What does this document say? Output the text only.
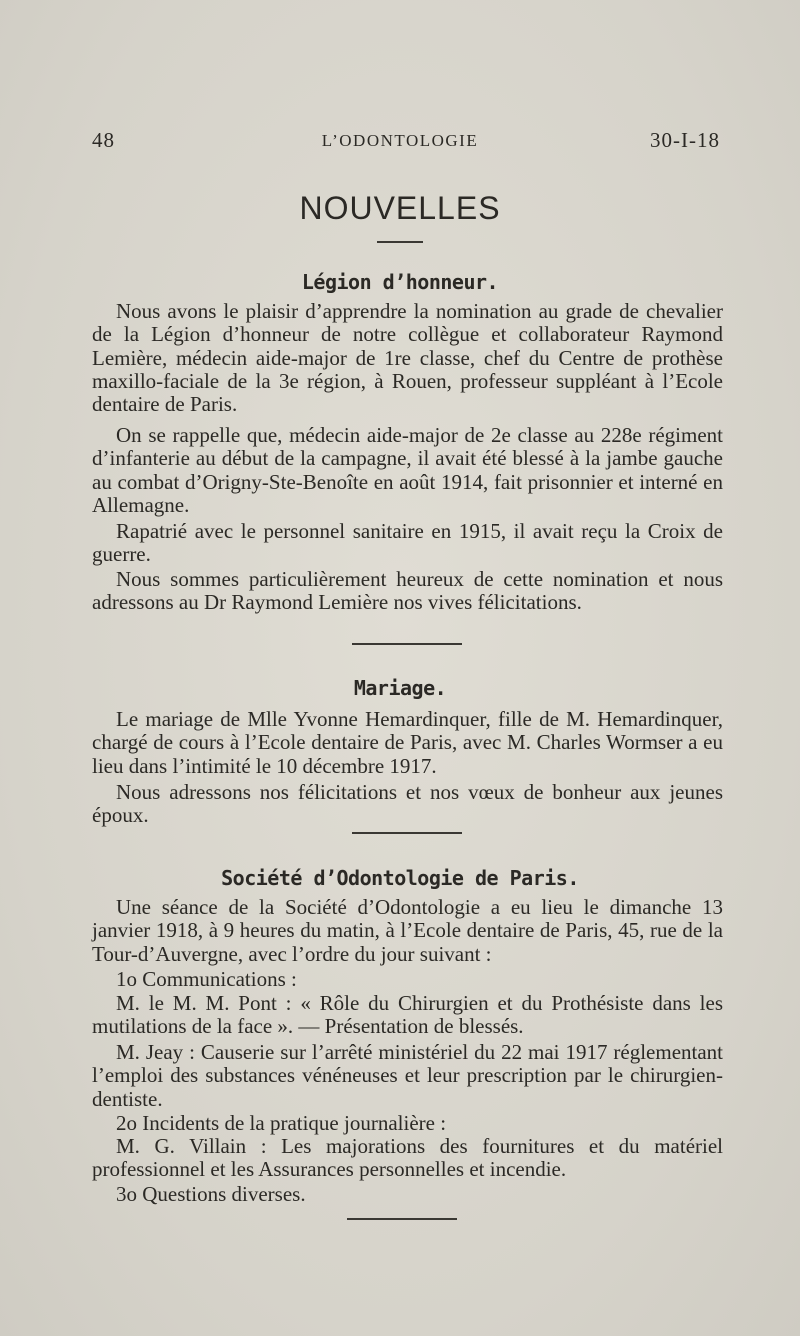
48	L’ODONTOLOGIE	30-I-18
NOUVELLES
Légion d’honneur.

Nous avons le plaisir d’apprendre la nomination au grade de chevalier de la Légion d’honneur de notre collègue et collaborateur Raymond Lemière, médecin aide-major de 1re classe, chef du Centre de prothèse maxillo-faciale de la 3e région, à Rouen, professeur suppléant à l’Ecole dentaire de Paris.

On se rappelle que, médecin aide-major de 2e classe au 228e régiment d’infanterie au début de la campagne, il avait été blessé à la jambe gauche au combat d’Origny-Ste-Benoîte en août 1914, fait prisonnier et interné en Allemagne.

Rapatrié avec le personnel sanitaire en 1915, il avait reçu la Croix de guerre.

Nous sommes particulièrement heureux de cette nomination et nous adressons au Dr Raymond Lemière nos vives félicitations.

Mariage.

Le mariage de Mlle Yvonne Hemardinquer, fille de M. Hemardinquer, chargé de cours à l’Ecole dentaire de Paris, avec M. Charles Wormser a eu lieu dans l’intimité le 10 décembre 1917.

Nous adressons nos félicitations et nos vœux de bonheur aux jeunes époux.

Société d’Odontologie de Paris.

Une séance de la Société d’Odontologie a eu lieu le dimanche 13 janvier 1918, à 9 heures du matin, à l’Ecole dentaire de Paris, 45, rue de la Tour-d’Auvergne, avec l’ordre du jour suivant :

1o Communications :

M. le M. M. Pont : « Rôle du Chirurgien et du Prothésiste dans les mutilations de la face ». — Présentation de blessés.

M. Jeay : Causerie sur l’arrêté ministériel du 22 mai 1917 réglementant l’emploi des substances vénéneuses et leur prescription par le chirurgien-dentiste.

2o Incidents de la pratique journalière :

M. G. Villain : Les majorations des fournitures et du matériel professionnel et les Assurances personnelles et incendie.

3o Questions diverses.
